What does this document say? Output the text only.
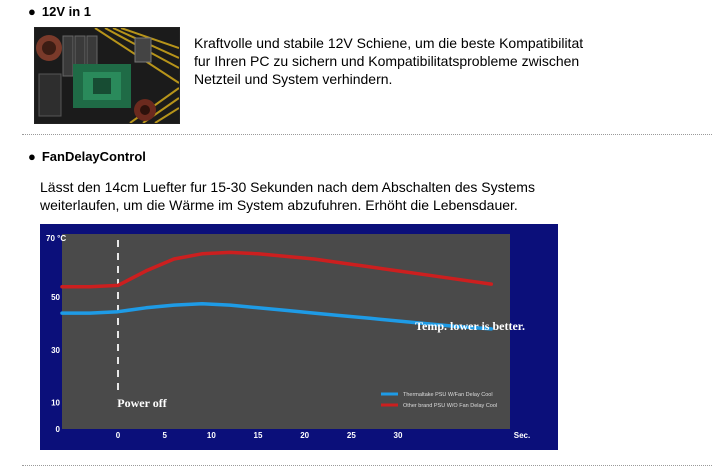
● 12V in 1
Kraftvolle und stabile 12V Schiene, um die beste Kompatibilitat
fur Ihren PC zu sichern und Kompatibilitatsprobleme zwischen
Netzteil und System verhindern.
● FanDelayControl
Lässt den 14cm Luefter fur 15-30 Sekunden nach dem Abschalten des Systems
weiterlaufen, um die Wärme im System abzufuhren. Erhöht die Lebensdauer.
70 °C
0
10
30
50
0	5	10	15	20	25	30	Sec.
Temp. lower is better.
Power off
Thermaltake PSU W/Fan Delay Cool
Other brand PSU W/O Fan Delay Cool
